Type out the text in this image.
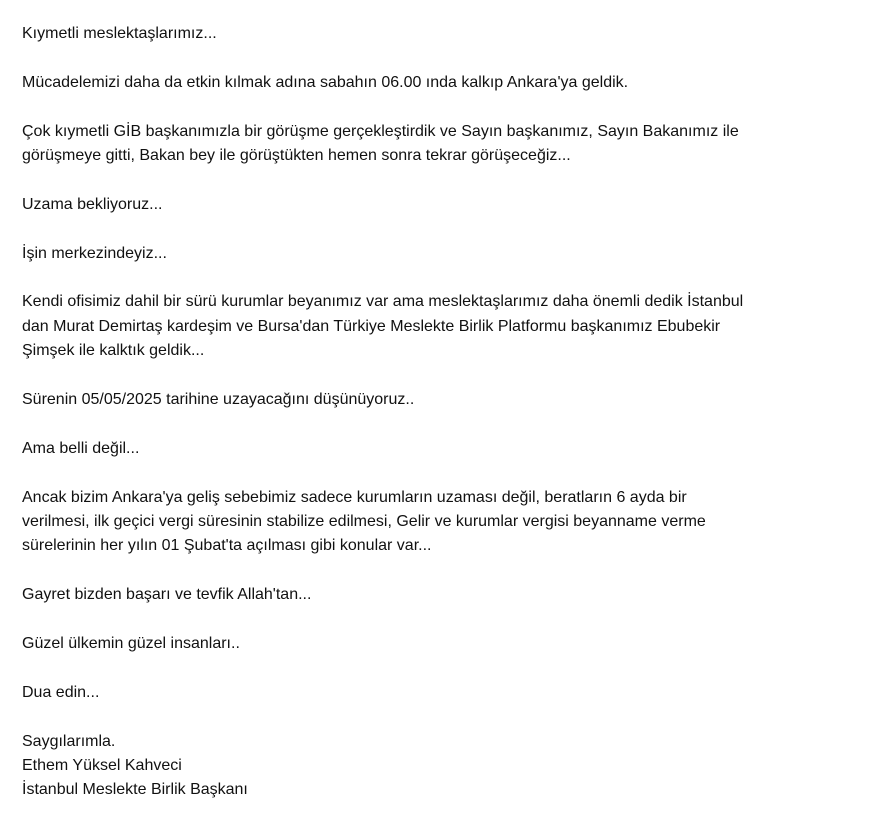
Kıymetli meslektaşlarımız...

Mücadelemizi daha da etkin kılmak adına sabahın 06.00 ında kalkıp Ankara'ya geldik.

Çok kıymetli GİB başkanımızla bir görüşme gerçekleştirdik ve Sayın başkanımız, Sayın Bakanımız ile
görüşmeye gitti, Bakan bey ile görüştükten hemen sonra tekrar görüşeceğiz...

Uzama bekliyoruz...

İşin merkezindeyiz...

Kendi ofisimiz dahil bir sürü kurumlar beyanımız var ama meslektaşlarımız daha önemli dedik İstanbul
dan Murat Demirtaş kardeşim ve Bursa'dan Türkiye Meslekte Birlik Platformu başkanımız Ebubekir
Şimşek ile kalktık geldik...

Sürenin 05/05/2025 tarihine uzayacağını düşünüyoruz..

Ama belli değil...

Ancak bizim Ankara'ya geliş sebebimiz sadece kurumların uzaması değil, beratların 6 ayda bir
verilmesi, ilk geçici vergi süresinin stabilize edilmesi, Gelir ve kurumlar vergisi beyanname verme
sürelerinin her yılın 01 Şubat'ta açılması gibi konular var...

Gayret bizden başarı ve tevfik Allah'tan...

Güzel ülkemin güzel insanları..

Dua edin...

Saygılarımla.

Ethem Yüksel Kahveci

İstanbul Meslekte Birlik Başkanı
